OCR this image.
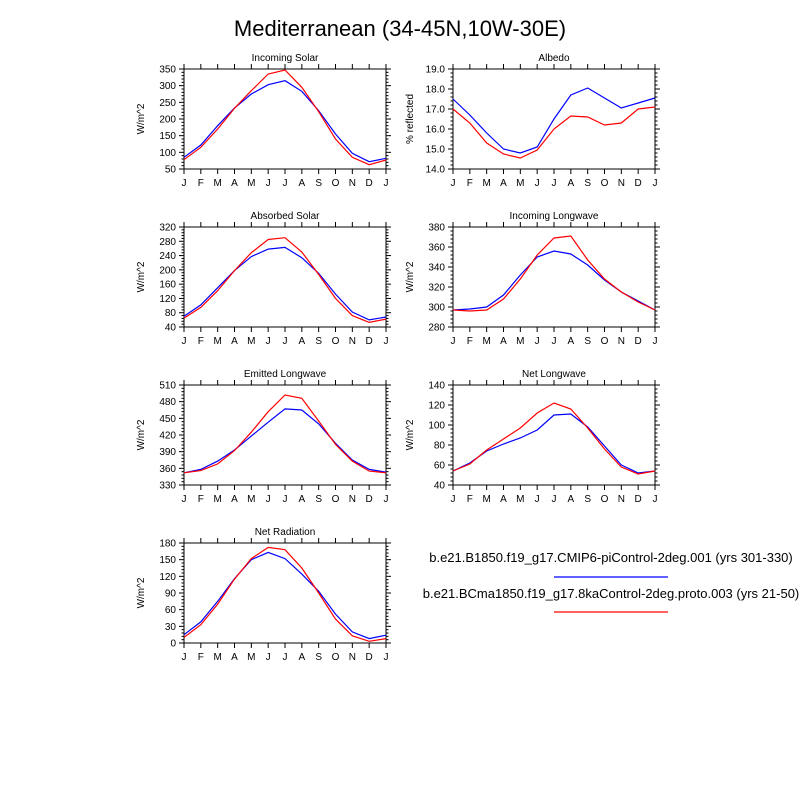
Mediterranean (34-45N,10W-30E)
Incoming Solar
W/m^2
50
100
150
200
250
300
350
J F M A M J J A S O N D J
Albedo
% reflected
14.0
15.0
16.0
17.0
18.0
19.0
J F M A M J J A S O N D J
Absorbed Solar
W/m^2
40
80
120
160
200
240
280
320
J F M A M J J A S O N D J
Incoming Longwave
W/m^2
280
300
320
340
360
380
J F M A M J J A S O N D J
Emitted Longwave
W/m^2
330
360
390
420
450
480
510
J F M A M J J A S O N D J
Net Longwave
W/m^2
40
60
80
100
120
140
J F M A M J J A S O N D J
Net Radiation
W/m^2
0
30
60
90
120
150
180
J F M A M J J A S O N D J
b.e21.B1850.f19_g17.CMIP6-piControl-2deg.001 (yrs 301-330)
b.e21.BCma1850.f19_g17.8kaControl-2deg.proto.003 (yrs 21-50)
